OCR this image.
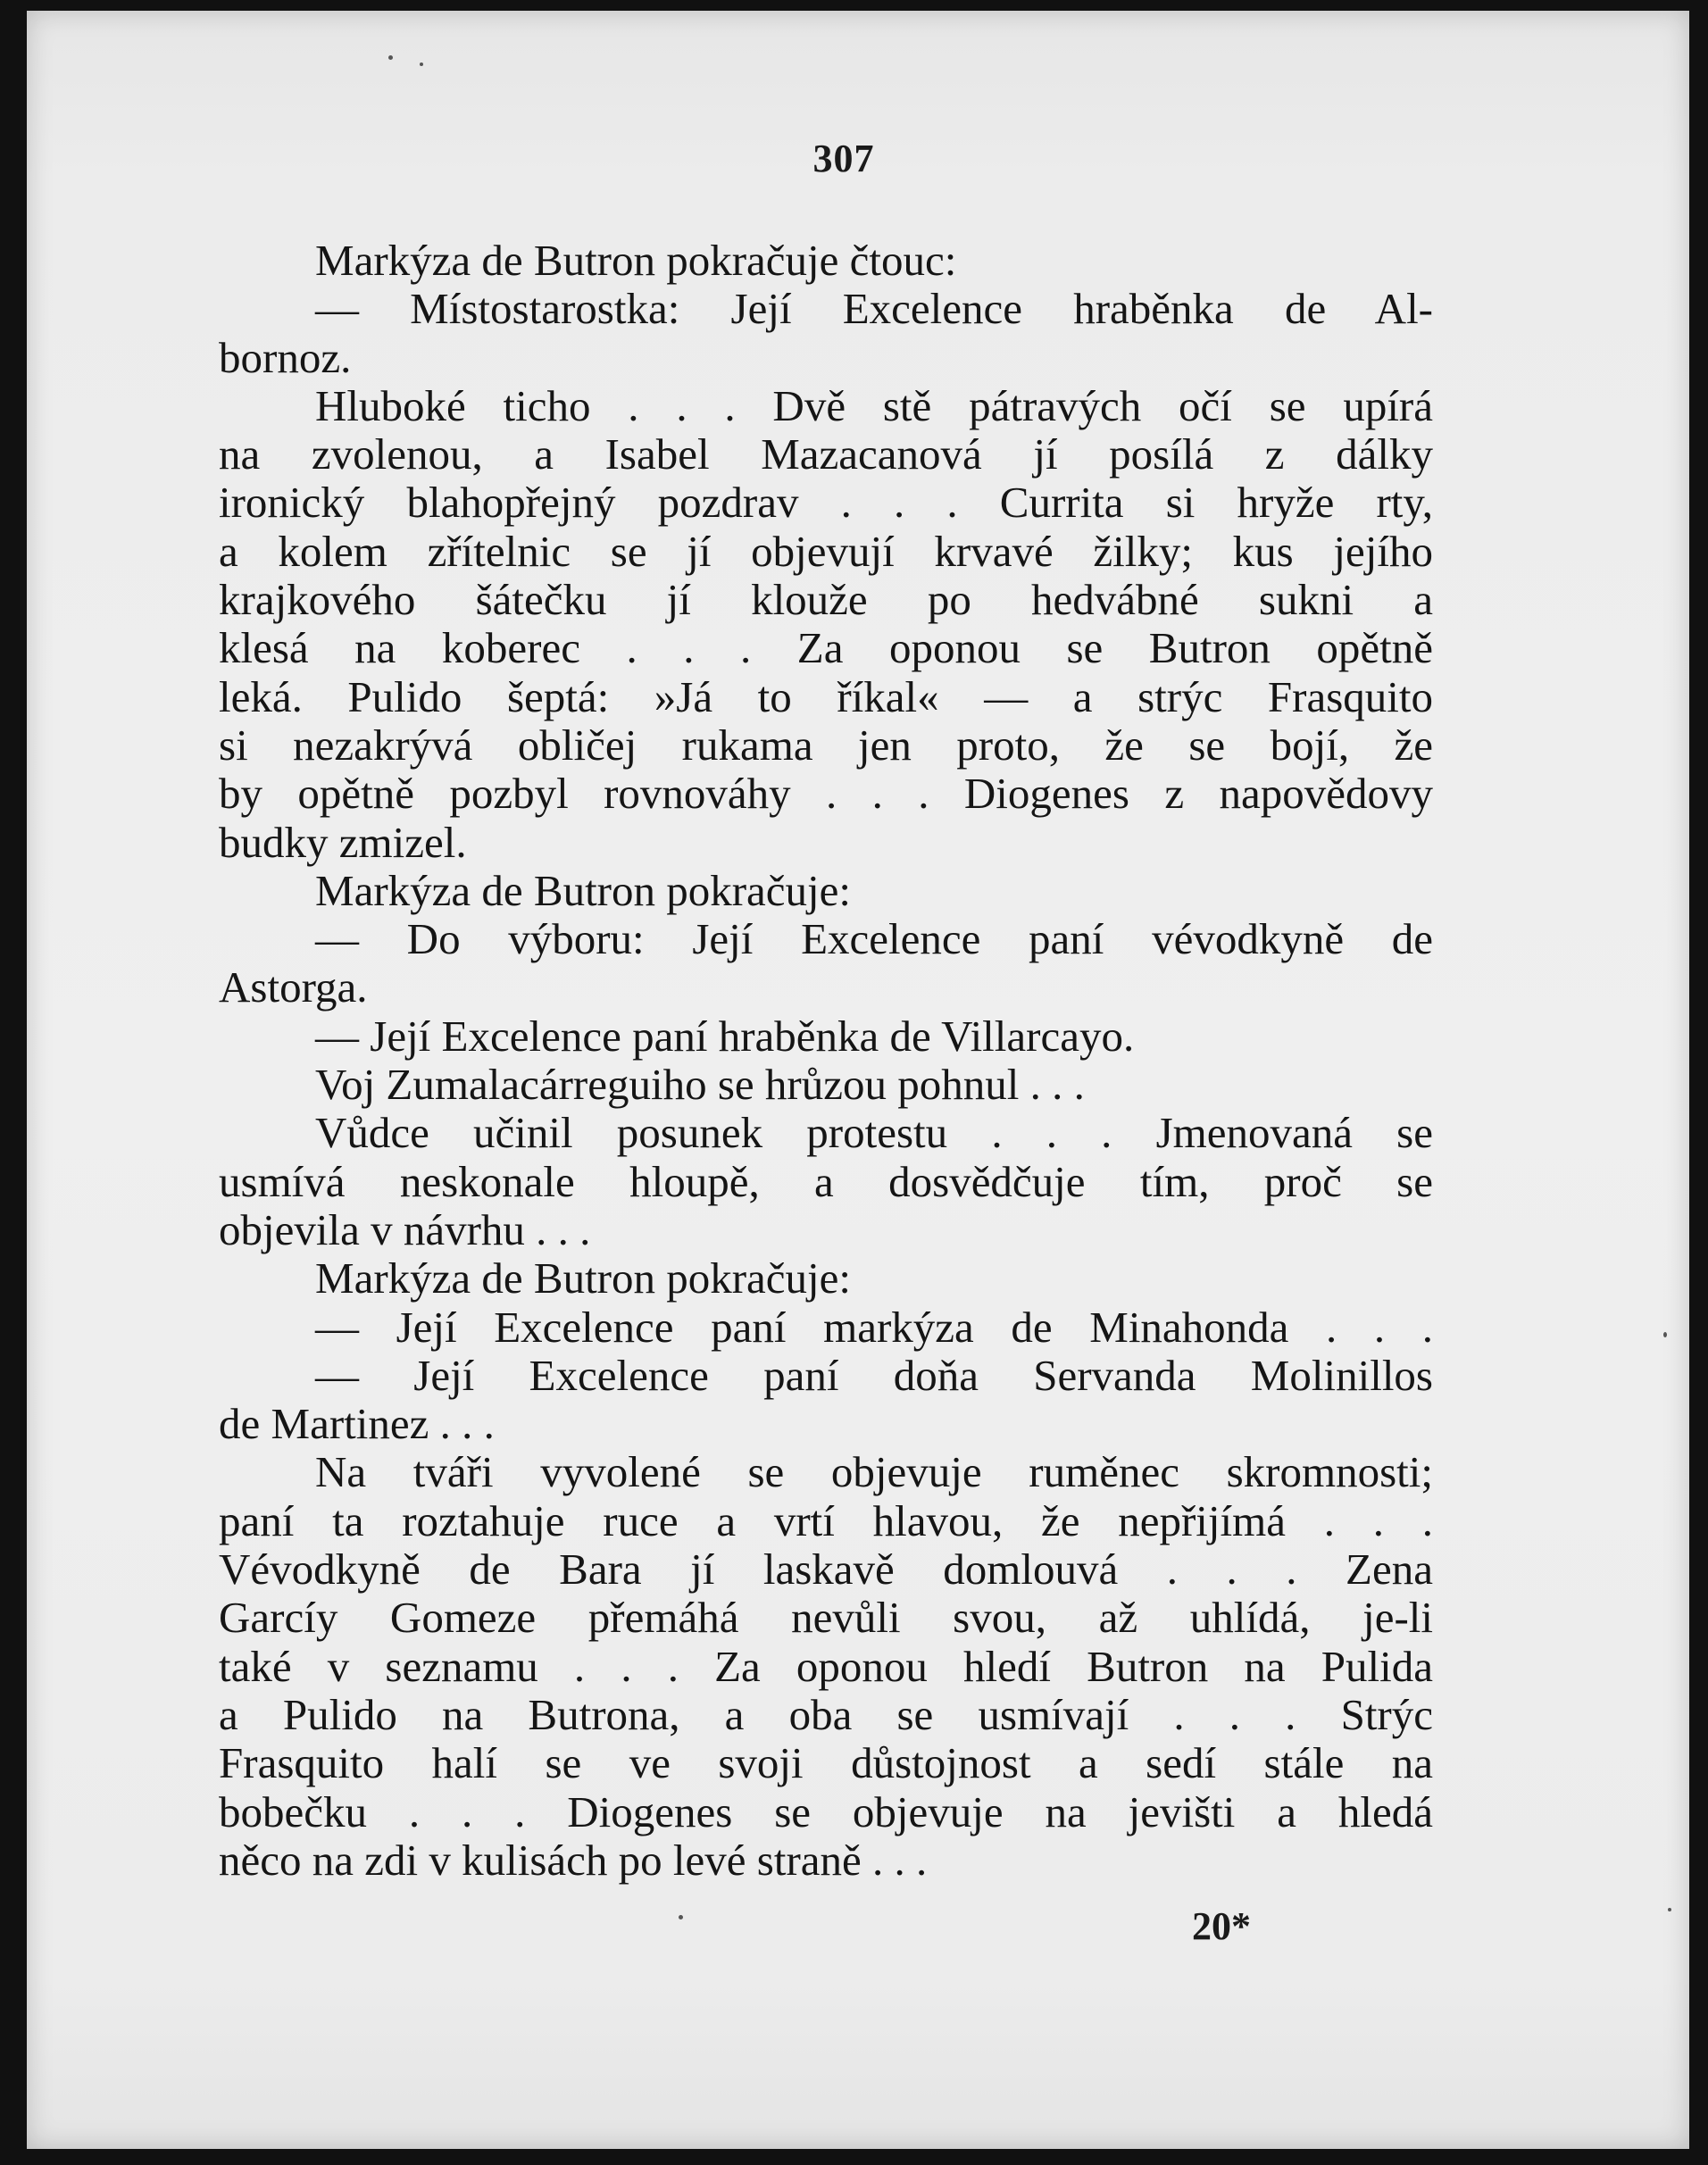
307
Markýza de Butron pokračuje čtouc:
— Místostarostka: Její Excelence hraběnka de Al-
bornoz.
Hluboké ticho . . . Dvě stě pátravých očí se upírá
na zvolenou, a Isabel Mazacanová jí posílá z dálky
ironický blahopřejný pozdrav . . . Currita si hryže rty,
a kolem zřítelnic se jí objevují krvavé žilky; kus jejího
krajkového šátečku jí klouže po hedvábné sukni a
klesá na koberec . . . Za oponou se Butron opětně
leká. Pulido šeptá: »Já to říkal« — a strýc Frasquito
si nezakrývá obličej rukama jen proto, že se bojí, že
by opětně pozbyl rovnováhy . . . Diogenes z napovědovy
budky zmizel.
Markýza de Butron pokračuje:
— Do výboru: Její Excelence paní vévodkyně de
Astorga.
— Její Excelence paní hraběnka de Villarcayo.
Voj Zumalacárreguiho se hrůzou pohnul . . .
Vůdce učinil posunek protestu . . . Jmenovaná se
usmívá neskonale hloupě, a dosvědčuje tím, proč se
objevila v návrhu . . .
Markýza de Butron pokračuje:
— Její Excelence paní markýza de Minahonda . . .
— Její Excelence paní doňa Servanda Molinillos
de Martinez . . .
Na tváři vyvolené se objevuje ruměnec skromnosti;
paní ta roztahuje ruce a vrtí hlavou, že nepřijímá . . .
Vévodkyně de Bara jí laskavě domlouvá . . . Zena
Garcíy Gomeze přemáhá nevůli svou, až uhlídá, je-li
také v seznamu . . . Za oponou hledí Butron na Pulida
a Pulido na Butrona, a oba se usmívají . . . Strýc
Frasquito halí se ve svoji důstojnost a sedí stále na
bobečku . . . Diogenes se objevuje na jevišti a hledá
něco na zdi v kulisách po levé straně . . .
20*
